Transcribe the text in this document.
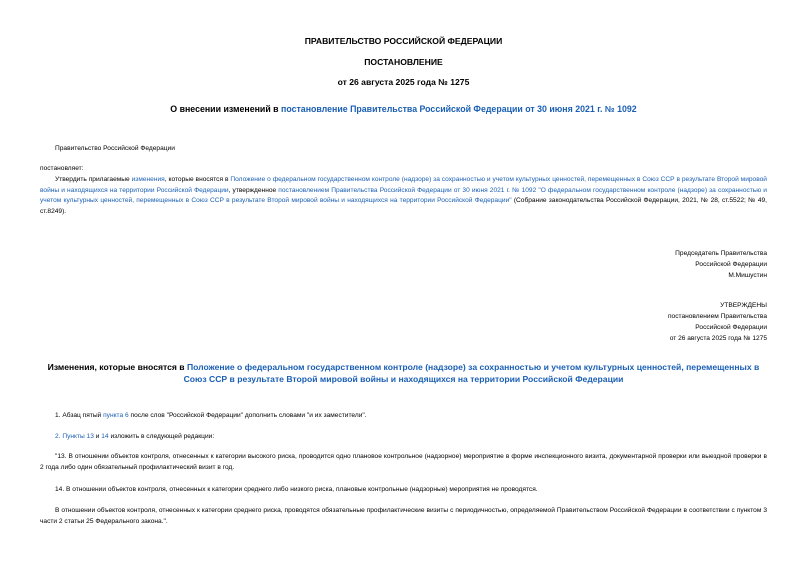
ПРАВИТЕЛЬСТВО РОССИЙСКОЙ ФЕДЕРАЦИИ
ПОСТАНОВЛЕНИЕ
от 26 августа 2025 года № 1275
О внесении изменений в постановление Правительства Российской Федерации от 30 июня 2021 г. № 1092
Правительство Российской Федерации
постановляет:
Утвердить прилагаемые изменения, которые вносятся в Положение о федеральном государственном контроле (надзоре) за сохранностью и учетом культурных ценностей, перемещенных в Союз ССР в результате Второй мировой войны и находящихся на территории Российской Федерации, утвержденное постановлением Правительства Российской Федерации от 30 июня 2021 г. № 1092 "О федеральном государственном контроле (надзоре) за сохранностью и учетом культурных ценностей, перемещенных в Союз ССР в результате Второй мировой войны и находящихся на территории Российской Федерации" (Собрание законодательства Российской Федерации, 2021, № 28, ст.5522; № 49, ст.8249).
Председатель Правительства
Российской Федерации
М.Мишустин
УТВЕРЖДЕНЫ
постановлением Правительства
Российской Федерации
от 26 августа 2025 года № 1275
Изменения, которые вносятся в Положение о федеральном государственном контроле (надзоре) за сохранностью и учетом культурных ценностей, перемещенных в Союз ССР в результате Второй мировой войны и находящихся на территории Российской Федерации
1. Абзац пятый пункта 6 после слов "Российской Федерации" дополнить словами "и их заместители".
2. Пункты 13 и 14 изложить в следующей редакции:
"13. В отношении объектов контроля, отнесенных к категории высокого риска, проводится одно плановое контрольное (надзорное) мероприятие в форме инспекционного визита, документарной проверки или выездной проверки в 2 года либо один обязательный профилактический визит в год.
14. В отношении объектов контроля, отнесенных к категории среднего либо низкого риска, плановые контрольные (надзорные) мероприятия не проводятся.
В отношении объектов контроля, отнесенных к категории среднего риска, проводятся обязательные профилактические визиты с периодичностью, определяемой Правительством Российской Федерации в соответствии с пунктом 3 части 2 статьи 25 Федерального закона.".
